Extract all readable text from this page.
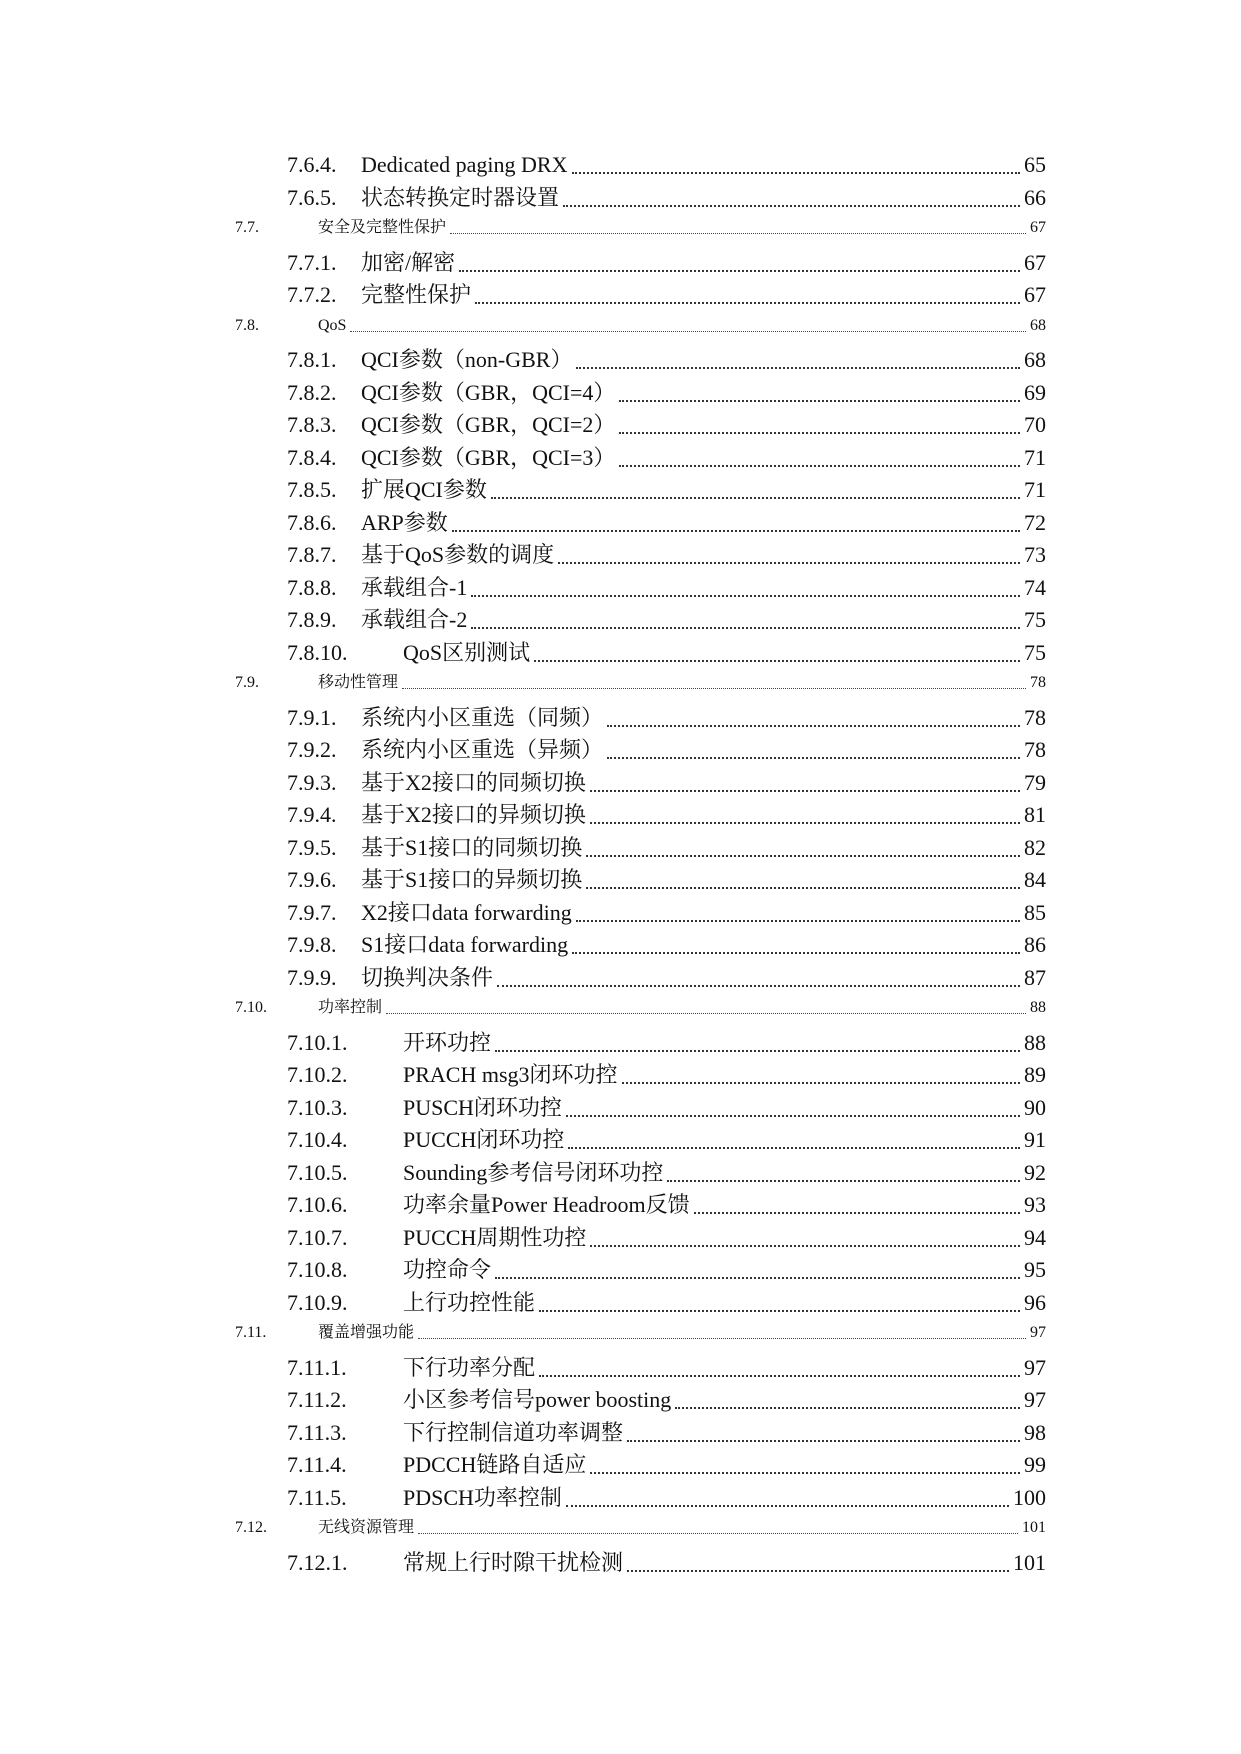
7.6.4. Dedicated paging DRX	65
7.6.5. 状态转换定时器设置	66
7.7.	安全及完整性保护	67
7.7.1. 加密/解密	67
7.7.2. 完整性保护	67
7.8.	QoS	68
7.8.1. QCI参数（non-GBR）	68
7.8.2. QCI参数（GBR，QCI=4）	69
7.8.3. QCI参数（GBR，QCI=2）	70
7.8.4. QCI参数（GBR，QCI=3）	71
7.8.5. 扩展QCI参数	71
7.8.6. ARP参数	72
7.8.7. 基于QoS参数的调度	73
7.8.8. 承载组合-1	74
7.8.9. 承载组合-2	75
7.8.10.	QoS区别测试	75
7.9.	移动性管理	78
7.9.1. 系统内小区重选（同频）	78
7.9.2. 系统内小区重选（异频）	78
7.9.3. 基于X2接口的同频切换	79
7.9.4. 基于X2接口的异频切换	81
7.9.5. 基于S1接口的同频切换	82
7.9.6. 基于S1接口的异频切换	84
7.9.7. X2接口data forwarding	85
7.9.8. S1接口data forwarding	86
7.9.9. 切换判决条件	87
7.10.	功率控制	88
7.10.1.	开环功控	88
7.10.2.	PRACH msg3闭环功控	89
7.10.3.	PUSCH闭环功控	90
7.10.4.	PUCCH闭环功控	91
7.10.5.	Sounding参考信号闭环功控	92
7.10.6.	功率余量Power Headroom反馈	93
7.10.7.	PUCCH周期性功控	94
7.10.8.	功控命令	95
7.10.9.	上行功控性能	96
7.11.	覆盖增强功能	97
7.11.1.	下行功率分配	97
7.11.2.	小区参考信号power boosting	97
7.11.3.	下行控制信道功率调整	98
7.11.4.	PDCCH链路自适应	99
7.11.5.	PDSCH功率控制	100
7.12.	无线资源管理	101
7.12.1.	常规上行时隙干扰检测	101
